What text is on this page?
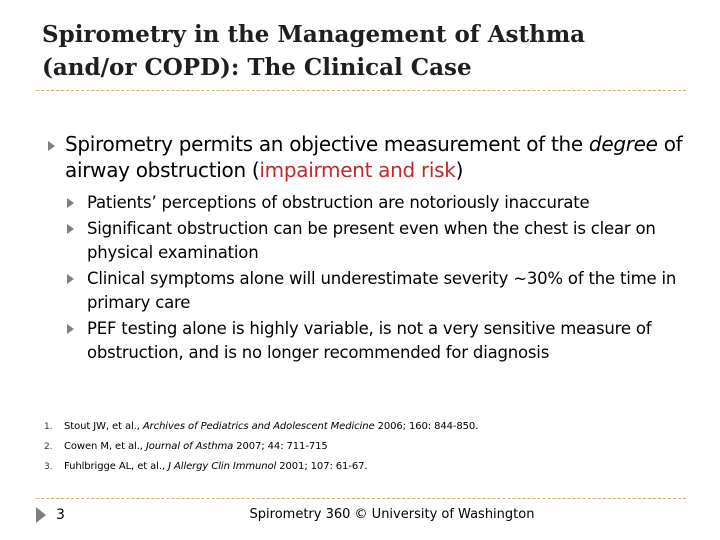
Spirometry in the Management of Asthma
(and/or COPD): The Clinical Case
Spirometry permits an objective measurement of the degree of airway obstruction (impairment and risk)
Patients’ perceptions of obstruction are notoriously inaccurate
Significant obstruction can be present even when the chest is clear on physical examination
Clinical symptoms alone will underestimate severity ~30% of the time in primary care
PEF testing alone is highly variable, is not a very sensitive measure of obstruction, and is no longer recommended for diagnosis
1. Stout JW, et al., Archives of Pediatrics and Adolescent Medicine 2006; 160: 844-850.
2. Cowen M, et al., Journal of Asthma 2007; 44: 711-715
3. Fuhlbrigge AL, et al., J Allergy Clin Immunol 2001; 107: 61-67.
3	Spirometry 360 © University of Washington
